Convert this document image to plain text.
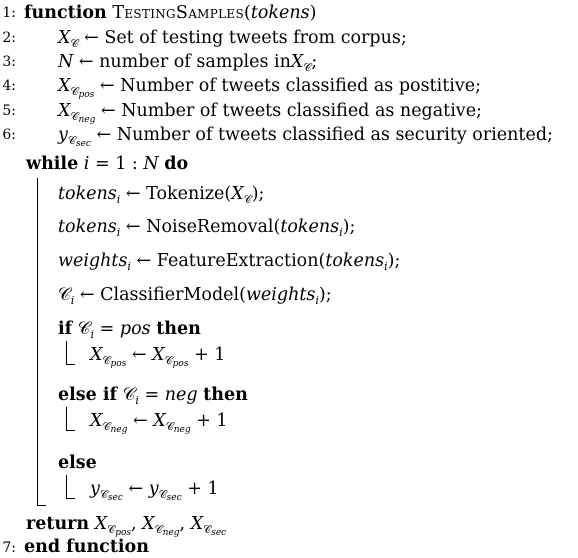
1:
2:
3:
4:
5:
6:
7:
function TestingSamples(tokens)
$X_𝒞$ ← Set of testing tweets from corpus;
N ← number of samples inX$_𝒞$;
$X_{𝒞_{pos}}$ ← Number of tweets classified as postitive;
$X_{𝒞_{neg}}$ ← Number of tweets classified as negative;
$y_{𝒞_{sec}}$ ← Number of tweets classified as security oriented;
while i = 1 : N do
tokens$_i$ ← $Tokenize(X_𝒞)$;
tokens$_i$ ← NoiseRemoval(tokens$_i$);
weights$_i$ ← FeatureExtraction(tokens$_i$);
𝒞$_i$ ← ClassifierModel(weights$_i$);
if 𝒞$_i$ = pos then
$X_{𝒞_{pos}}$ ← $X_{𝒞_{pos}} + 1$
else if 𝒞$_i$ = neg then
$X_{𝒞_{neg}}$ ← $X_{𝒞_{neg}} + 1$
else
$y_{𝒞_{sec}}$ ← $y_{𝒞_{sec}} + 1$
return $X_{𝒞_{pos}}$, $X_{𝒞_{neg}}$, $X_{𝒞_{sec}}$
end function
